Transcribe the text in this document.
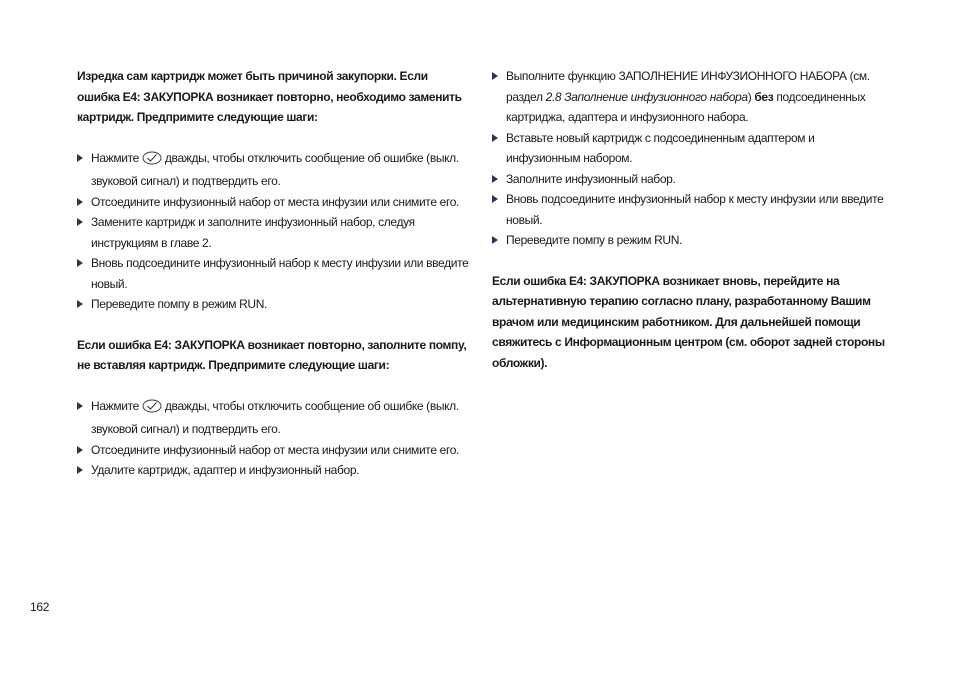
Изредка сам картридж может быть причиной закупорки. Если ошибка E4: ЗАКУПОРКА возникает повторно, необходимо заменить картридж. Предпримите следующие шаги:

Нажмите дважды, чтобы отключить сообщение об ошибке (выкл. звуковой сигнал) и подтвердить его.
Отсоедините инфузионный набор от места инфузии или снимите его.
Замените картридж и заполните инфузионный набор, следуя инструкциям в главе 2.
Вновь подсоедините инфузионный набор к месту инфузии или введите новый.
Переведите помпу в режим RUN.

Если ошибка E4: ЗАКУПОРКА возникает повторно, заполните помпу, не вставляя картридж. Предпримите следующие шаги:

Нажмите дважды, чтобы отключить сообщение об ошибке (выкл. звуковой сигнал) и подтвердить его.
Отсоедините инфузионный набор от места инфузии или снимите его.
Удалите картридж, адаптер и инфузионный набор.
Выполните функцию ЗАПОЛНЕНИЕ ИНФУЗИОННОГО НАБОРА (см. раздел 2.8 Заполнение инфузионного набора) без подсоединенных картриджа, адаптера и инфузионного набора.
Вставьте новый картридж с подсоединенным адаптером и инфузионным набором.
Заполните инфузионный набор.
Вновь подсоедините инфузионный набор к месту инфузии или введите новый.
Переведите помпу в режим RUN.

Если ошибка E4: ЗАКУПОРКА возникает вновь, перейдите на альтернативную терапию согласно плану, разработанному Вашим врачом или медицинским работником. Для дальнейшей помощи свяжитесь с Информационным центром (см. оборот задней стороны обложки).

162
